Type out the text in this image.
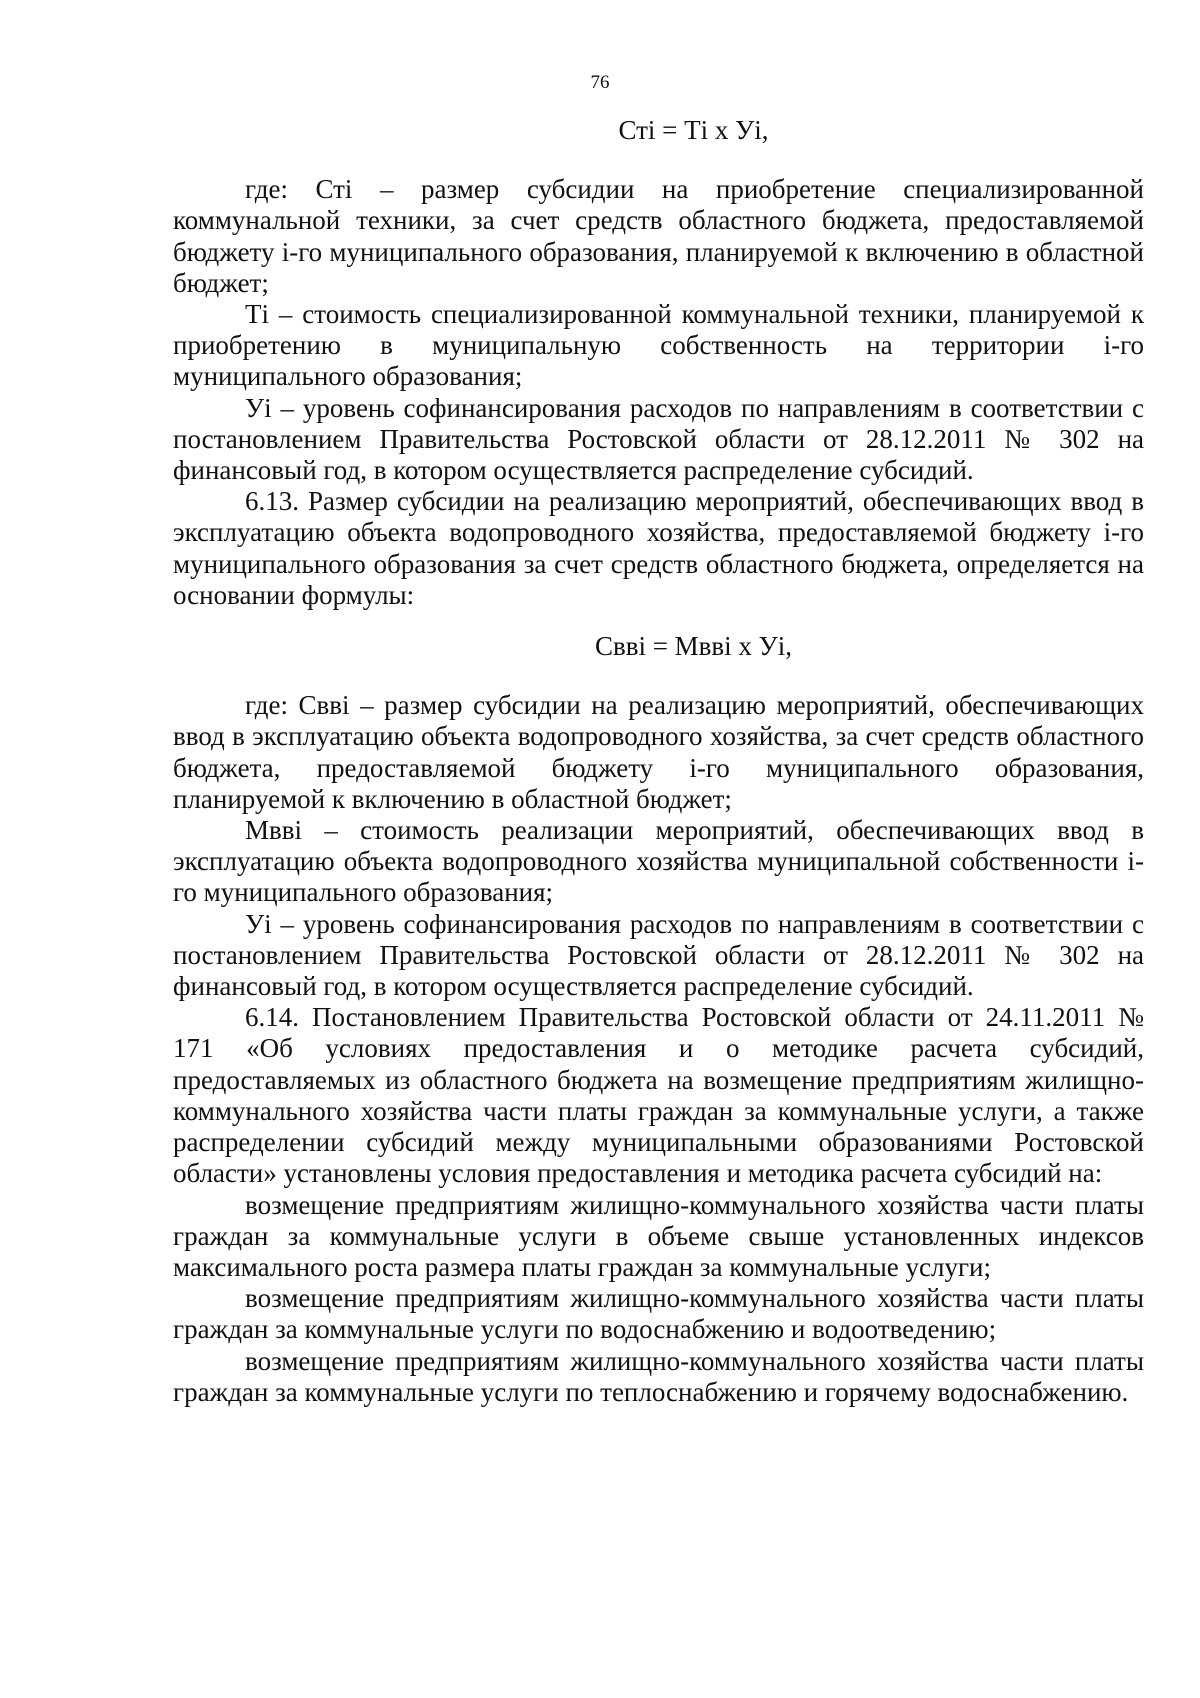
76
Стi = Тi х Уi,

где: Стi – размер субсидии на приобретение специализированной коммунальной техники, за счет средств областного бюджета, предоставляемой бюджету i-го муниципального образования, планируемой к включению в областной бюджет;

Тi – стоимость специализированной коммунальной техники, планируемой к приобретению в муниципальную собственность на территории i-го муниципального образования;

Уi – уровень софинансирования расходов по направлениям в соответствии с постановлением Правительства Ростовской области от 28.12.2011 № 302 на финансовый год, в котором осуществляется распределение субсидий.

6.13. Размер субсидии на реализацию мероприятий, обеспечивающих ввод в эксплуатацию объекта водопроводного хозяйства, предоставляемой бюджету i-го муниципального образования за счет средств областного бюджета, определяется на основании формулы:

Свві = Мввi х Уi,

где: Свві – размер субсидии на реализацию мероприятий, обеспечивающих ввод в эксплуатацию объекта водопроводного хозяйства, за счет средств областного бюджета, предоставляемой бюджету i-го муниципального образования, планируемой к включению в областной бюджет;

Мввi – стоимость реализации мероприятий, обеспечивающих ввод в эксплуатацию объекта водопроводного хозяйства муниципальной собственности i-го муниципального образования;

Уi – уровень софинансирования расходов по направлениям в соответствии с постановлением Правительства Ростовской области от 28.12.2011 № 302 на финансовый год, в котором осуществляется распределение субсидий.

6.14. Постановлением Правительства Ростовской области от 24.11.2011 № 171 «Об условиях предоставления и о методике расчета субсидий, предоставляемых из областного бюджета на возмещение предприятиям жилищно-коммунального хозяйства части платы граждан за коммунальные услуги, а также распределении субсидий между муниципальными образованиями Ростовской области» установлены условия предоставления и методика расчета субсидий на:

возмещение предприятиям жилищно-коммунального хозяйства части платы граждан за коммунальные услуги в объеме свыше установленных индексов максимального роста размера платы граждан за коммунальные услуги;

возмещение предприятиям жилищно-коммунального хозяйства части платы граждан за коммунальные услуги по водоснабжению и водоотведению;

возмещение предприятиям жилищно-коммунального хозяйства части платы граждан за коммунальные услуги по теплоснабжению и горячему водоснабжению.
